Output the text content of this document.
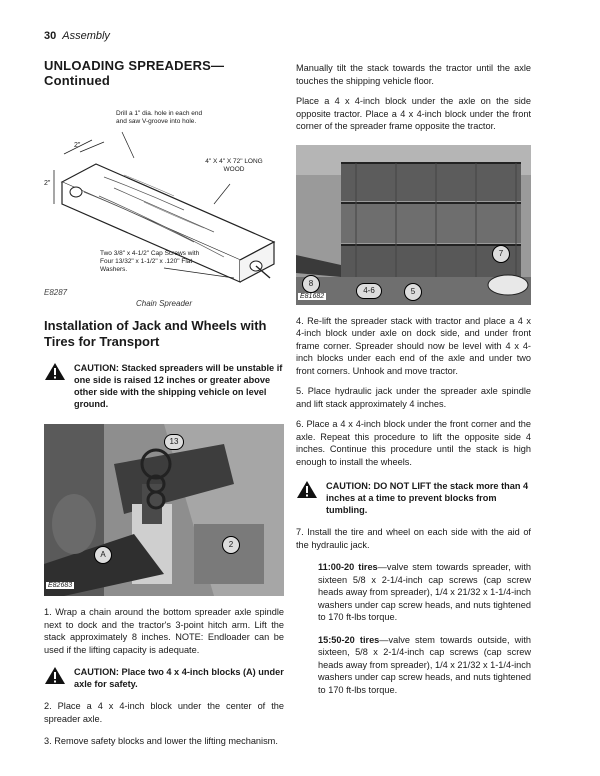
30 Assembly
UNLOADING SPREADERS—Continued
Drill a 1" dia. hole in each end and saw V-groove into hole.
2"
2"
4" X 4" X 72" LONG WOOD
Two 3/8" x 4-1/2" Cap Screws with Four 13/32" x 1-1/2" x .120" Flat Washers.
E8287
Chain Spreader
Installation of Jack and Wheels with Tires for Transport
CAUTION: Stacked spreaders will be unstable if one side is raised 12 inches or greater above other side with the shipping vehicle on level ground.
13
2
A
E82683

1. Wrap a chain around the bottom spreader axle spindle next to dock and the tractor's 3-point hitch arm. Lift the stack approximately 8 inches. NOTE: Endloader can be used if the lifting capacity is adequate.

CAUTION: Place two 4 x 4-inch blocks (A) under axle for safety.

2. Place a 4 x 4-inch block under the center of the spreader axle.

3. Remove safety blocks and lower the lifting mechanism.

Manually tilt the stack towards the tractor until the axle touches the shipping vehicle floor.

Place a 4 x 4-inch block under the axle on the side opposite tractor. Place a 4 x 4-inch block under the front corner of the spreader frame opposite the tractor.

7
8
4-6	5
E81682

4. Re-lift the spreader stack with tractor and place a 4 x 4-inch block under axle on dock side, and under front frame corner. Spreader should now be level with 4 x 4-inch blocks under each end of the axle and under two front corners. Unhook and move tractor.

5. Place hydraulic jack under the spreader axle spindle and lift stack approximately 4 inches.

6. Place a 4 x 4-inch block under the front corner and the axle. Repeat this procedure to lift the opposite side 4 inches. Continue this procedure until the stack is high enough to install the wheels.

CAUTION: DO NOT LIFT the stack more than 4 inches at a time to prevent blocks from tumbling.

7. Install the tire and wheel on each side with the aid of the hydraulic jack.

11:00-20 tires—valve stem towards spreader, with sixteen 5/8 x 2-1/4-inch cap screws (cap screw heads away from spreader), 1/4 x 21/32 x 1-1/4-inch washers under cap screw heads, and nuts tightened to 170 ft-lbs torque.

15:50-20 tires—valve stem towards outside, with sixteen, 5/8 x 2-1/4-inch cap screws (cap screw heads away from spreader), 1/4 x 21/32 x 1-1/4-inch washers under cap screw heads, and nuts tightened to 170 ft-lbs torque.
